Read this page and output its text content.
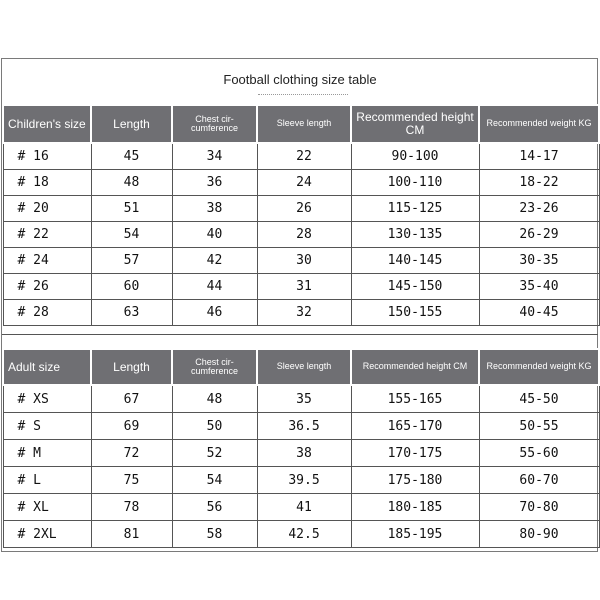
Football clothing size table
Children's size	Length	Chest cir-cumference	Sleeve length	Recommended height CM	Recommended weight KG
# 16	45	34	22	90-100	14-17
# 18	48	36	24	100-110	18-22
# 20	51	38	26	115-125	23-26
# 22	54	40	28	130-135	26-29
# 24	57	42	30	140-145	30-35
# 26	60	44	31	145-150	35-40
# 28	63	46	32	150-155	40-45
Adult size	Length	Chest cir-cumference	Sleeve length	Recommended height CM	Recommended weight KG
# XS	67	48	35	155-165	45-50
# S	69	50	36.5	165-170	50-55
# M	72	52	38	170-175	55-60
# L	75	54	39.5	175-180	60-70
# XL	78	56	41	180-185	70-80
# 2XL	81	58	42.5	185-195	80-90
